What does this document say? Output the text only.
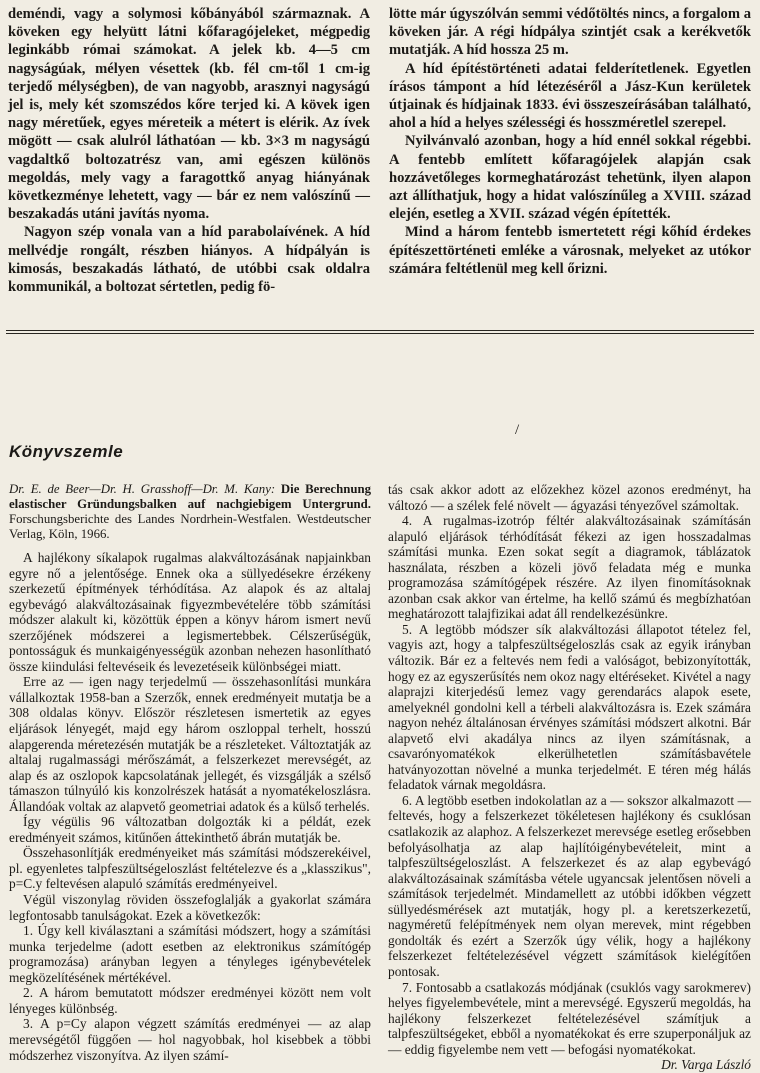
deméndi, vagy a solymosi kőbányából származnak. A köveken egy helyütt látni kőfaragójeleket, mégpedig leginkább római számokat. A jelek kb. 4—5 cm nagyságúak, mélyen vésettek (kb. fél cm-től 1 cm-ig terjedő mélységben), de van nagyobb, arasznyi nagyságú jel is, mely két szomszédos kőre terjed ki. A kövek igen nagy méretűek, egyes méreteik a métert is elérik. Az ívek mögött — csak alulról láthatóan — kb. 3×3 m nagyságú vagdaltkő boltozatrész van, ami egészen különös megoldás, mely vagy a faragottkő anyag hiányának következménye lehetett, vagy — bár ez nem valószínű — beszakadás utáni javítás nyoma.

Nagyon szép vonala van a híd parabolaívének. A híd mellvédje rongált, részben hiányos. A hídpályán is kimosás, beszakadás látható, de utóbbi csak oldalra kommunikál, a boltozat sértetlen, pedig fö-

lötte már úgyszólván semmi védőtöltés nincs, a forgalom a köveken jár. A régi hídpálya szintjét csak a kerékvetők mutatják. A híd hossza 25 m.

A híd építéstörténeti adatai felderítetlenek. Egyetlen írásos támpont a híd létezéséről a Jász-Kun kerületek útjainak és hídjainak 1833. évi összeszeírásában található, ahol a híd a helyes szélességi és hosszméretlel szerepel.

Nyilvánvaló azonban, hogy a híd ennél sokkal régebbi. A fentebb említett kőfaragójelek alapján csak hozzávetőleges kormeghatározást tehetünk, ilyen alapon azt állíthatjuk, hogy a hidat valószínűleg a XVIII. század elején, esetleg a XVII. század végén építették.

Mind a három fentebb ismertetett régi kőhíd érdekes építészettörténeti emléke a városnak, melyeket az utókor számára feltétlenül meg kell őrizni.

/
Könyvszemle

Dr. E. de Beer—Dr. H. Grasshoff—Dr. M. Kany: Die Berechnung elastischer Gründungsbalken auf nachgiebigem Untergrund. Forschungsberichte des Landes Nordrhein-Westfalen. Westdeutscher Verlag, Köln, 1966.

A hajlékony síkalapok rugalmas alakváltozásának napjainkban egyre nő a jelentősége. Ennek oka a süllyedésekre érzékeny szerkezetű építmények térhódítása. Az alapok és az altalaj egybevágó alakváltozásainak figyezmbevételére több számítási módszer alakult ki, közöttük éppen a könyv három ismert nevű szerzőjének módszerei a legismertebbek. Célszerűségük, pontosságuk és munkaigényességük azonban nehezen hasonlítható össze kiindulási feltevéseik és levezetéseik különbségei miatt.

Erre az — igen nagy terjedelmű — összehasonlítási munkára vállalkoztak 1958-ban a Szerzők, ennek eredményeit mutatja be a 308 oldalas könyv. Először részletesen ismertetik az egyes eljárások lényegét, majd egy három oszloppal terhelt, hosszú alapgerenda méretezésén mutatják be a részleteket. Változtatják az altalaj rugalmassági mérőszámát, a felszerkezet merevségét, az alap és az oszlopok kapcsolatának jellegét, és vizsgálják a szélső támaszon túlnyúló kis konzolrészek hatását a nyomatékeloszlásra. Állandóak voltak az alapvető geometriai adatok és a külső terhelés.

Így végülis 96 változatban dolgozták ki a példát, ezek eredményeit számos, kitűnően áttekinthető ábrán mutatják be.

Összehasonlítják eredményeiket más számítási módszerekéivel, pl. egyenletes talpfeszültségeloszlást feltételezve és a „klasszikus", p=C.y feltevésen alapuló számítás eredményeivel.

Végül viszonylag röviden összefoglalják a gyakorlat számára legfontosabb tanulságokat. Ezek a következők:

1. Úgy kell kiválasztani a számítási módszert, hogy a számítási munka terjedelme (adott esetben az elektronikus számítógép programozása) arányban legyen a tényleges igénybevételek megközelítésének mértékével.

2. A három bemutatott módszer eredményei között nem volt lényeges különbség.

3. A p=Cy alapon végzett számítás eredményei — az alap merevségétől függően — hol nagyobbak, hol kisebbek a többi módszerhez viszonyítva. Az ilyen számí-

tás csak akkor adott az előzekhez közel azonos eredményt, ha változó — a szélek felé növelt — ágyazási tényezővel számoltak.

4. A rugalmas-izotróp féltér alakváltozásainak számításán alapuló eljárások térhódítását fékezi az igen hosszadalmas számítási munka. Ezen sokat segít a diagramok, táblázatok használata, részben a közeli jövő feladata még e munka programozása számítógépek részére. Az ilyen finomításoknak azonban csak akkor van értelme, ha kellő számú és megbízhatóan meghatározott talajfizikai adat áll rendelkezésünkre.

5. A legtöbb módszer sík alakváltozási állapotot tételez fel, vagyis azt, hogy a talpfeszültségeloszlás csak az egyik irányban változik. Bár ez a feltevés nem fedi a valóságot, bebizonyították, hogy ez az egyszerűsítés nem okoz nagy eltéréseket. Kivétel a nagy alaprajzi kiterjedésű lemez vagy gerendarács alapok esete, amelyeknél gondolni kell a térbeli alakváltozásra is. Ezek számára nagyon nehéz általánosan érvényes számítási módszert alkotni. Bár alapvető elvi akadálya nincs az ilyen számításnak, a csavarónyomatékok elkerülhetetlen számításbavétele hatványozottan növelné a munka terjedelmét. E téren még hálás feladatok várnak megoldásra.

6. A legtöbb esetben indokolatlan az a — sokszor alkalmazott — feltevés, hogy a felszerkezet tökéletesen hajlékony és csuklósan csatlakozik az alaphoz. A felszerkezet merevsége esetleg erősebben befolyásolhatja az alap hajlítóigénybevételeit, mint a talpfeszültségeloszlást. A felszerkezet és az alap egybevágó alakváltozásainak számításba vétele ugyancsak jelentősen növeli a számítások terjedelmét. Mindamellett az utóbbi időkben végzett süllyedésmérések azt mutatják, hogy pl. a keretszerkezetű, nagyméretű felépítmények nem olyan merevek, mint régebben gondolták és ezért a Szerzők úgy vélik, hogy a hajlékony felszerkezet feltételezésével végzett számítások kielégítően pontosak.

7. Fontosabb a csatlakozás módjának (csuklós vagy sarokmerev) helyes figyelembevétele, mint a merevségé. Egyszerű megoldás, ha hajlékony felszerkezet feltételezésével számítjuk a talpfeszültségeket, ebből a nyomatékokat és erre szuperponáljuk az — eddig figyelembe nem vett — befogási nyomatékokat.

Dr. Varga László
